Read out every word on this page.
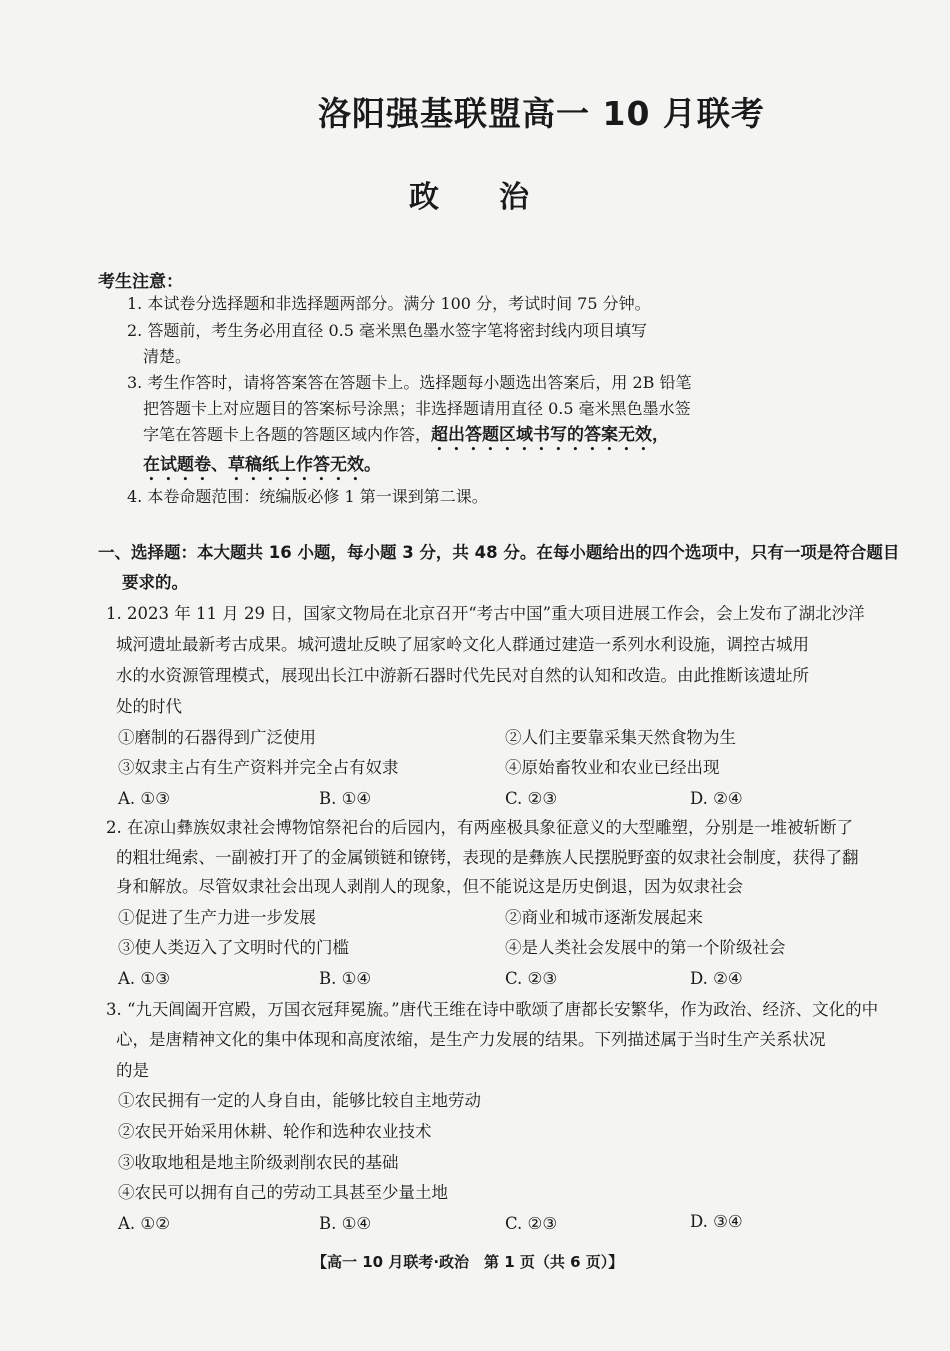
洛阳强基联盟高一 10 月联考
政　　治
考生注意：
1. 本试卷分选择题和非选择题两部分。满分 100 分，考试时间 75 分钟。
2. 答题前，考生务必用直径 0.5 毫米黑色墨水签字笔将密封线内项目填写
清楚。
3. 考生作答时，请将答案答在答题卡上。选择题每小题选出答案后，用 2B 铅笔
把答题卡上对应题目的答案标号涂黑；非选择题请用直径 0.5 毫米黑色墨水签
字笔在答题卡上各题的答题区域内作答，超出答题区域书写的答案无效，
在试题卷、草稿纸上作答无效。
4. 本卷命题范围：统编版必修 1 第一课到第二课。
一、选择题：本大题共 16 小题，每小题 3 分，共 48 分。在每小题给出的四个选项中，只有一项是符合题目
要求的。
1. 2023 年 11 月 29 日，国家文物局在北京召开“考古中国”重大项目进展工作会，会上发布了湖北沙洋
城河遗址最新考古成果。城河遗址反映了屈家岭文化人群通过建造一系列水利设施，调控古城用
水的水资源管理模式，展现出长江中游新石器时代先民对自然的认知和改造。由此推断该遗址所
处的时代
①磨制的石器得到广泛使用	②人们主要靠采集天然食物为生
③奴隶主占有生产资料并完全占有奴隶	④原始畜牧业和农业已经出现
A. ①③	B. ①④	C. ②③	D. ②④
2. 在凉山彝族奴隶社会博物馆祭祀台的后园内，有两座极具象征意义的大型雕塑，分别是一堆被斩断了
的粗壮绳索、一副被打开了的金属锁链和镣铐，表现的是彝族人民摆脱野蛮的奴隶社会制度，获得了翻
身和解放。尽管奴隶社会出现人剥削人的现象，但不能说这是历史倒退，因为奴隶社会
①促进了生产力进一步发展	②商业和城市逐渐发展起来
③使人类迈入了文明时代的门槛	④是人类社会发展中的第一个阶级社会
A. ①③	B. ①④	C. ②③	D. ②④
3. “九天阊阖开宫殿，万国衣冠拜冕旒。”唐代王维在诗中歌颂了唐都长安繁华，作为政治、经济、文化的中
心，是唐精神文化的集中体现和高度浓缩，是生产力发展的结果。下列描述属于当时生产关系状况
的是
①农民拥有一定的人身自由，能够比较自主地劳动
②农民开始采用休耕、轮作和选种农业技术
③收取地租是地主阶级剥削农民的基础
④农民可以拥有自己的劳动工具甚至少量土地
A. ①②	B. ①④	C. ②③	D. ③④
【高一 10 月联考·政治　第 1 页（共 6 页）】
